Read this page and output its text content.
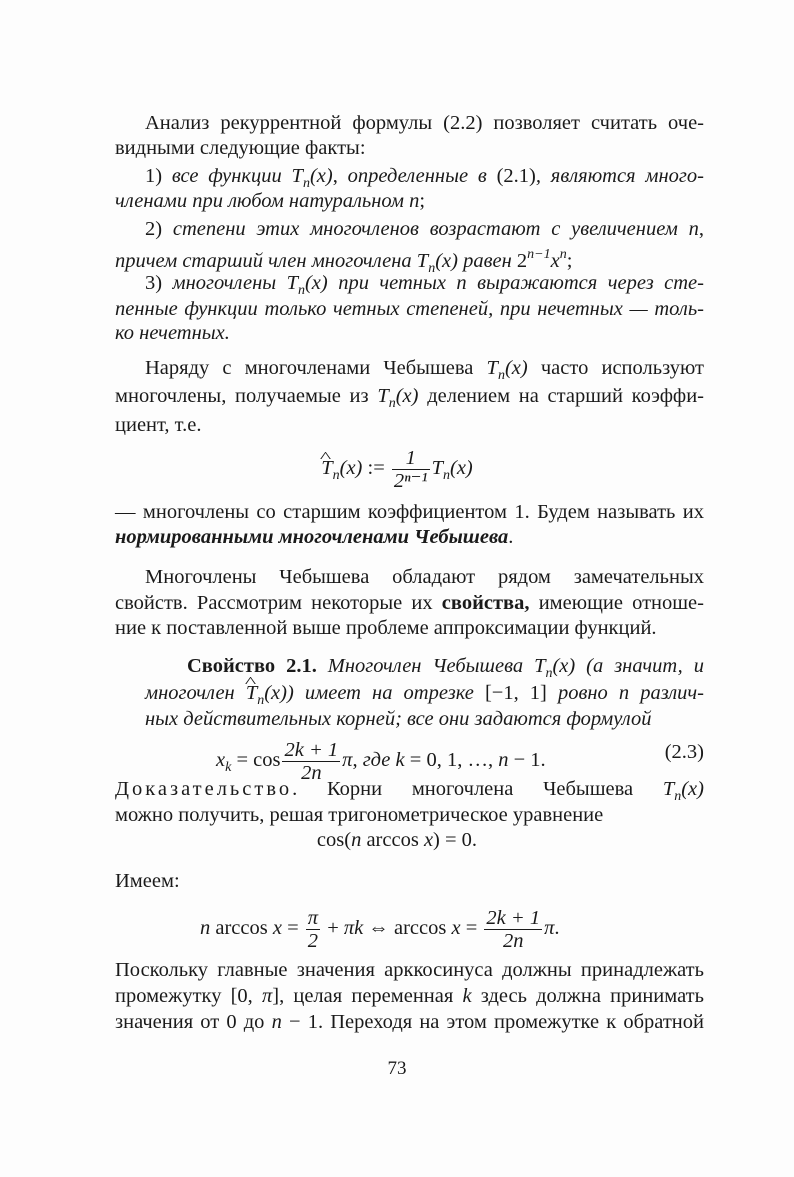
Анализ рекуррентной формулы (2.2) позволяет считать оче-
видными следующие факты:
1) все функции $T_n(x)$, определенные в (2.1), являются много-
членами при любом натуральном n;
2) степени этих многочленов возрастают с увеличением n,
причем старший член многочлена $T_n(x)$ равен $2^{n-1}x^n$;
3) многочлены $T_n(x)$ при четных n выражаются через сте-
пенные функции только четных степеней, при нечетных — толь-
ко нечетных.
Наряду с многочленами Чебышева $T_n(x)$ часто используют
многочлены, получаемые из $T_n(x)$ делением на старший коэффи-
циент, т.е.
^ $T_n(x)$ := $\frac{1}{\text{2ⁿ⁻¹}} T_n(x)$
— многочлены со старшим коэффициентом 1. Будем называть их
нормированными многочленами Чебышева.
Многочлены Чебышева обладают рядом замечательных
свойств. Рассмотрим некоторые их свойства, имеющие отноше-
ние к поставленной выше проблеме аппроксимации функций.
Свойство 2.1. Многочлен Чебышева $T_n(x)$ (а значит, и
многочлен ^ $T_n(x)$) имеет на отрезке [−1, 1] ровно n различ-
ных действительных корней; все они задаются формулой
$x_k = \cos \frac{2k + 1}{2n} \pi$, где k = 0, 1, …, n − 1.	(2.3)
Доказательство. Корни многочлена Чебышева $T_n(x)$
можно получить, решая тригонометрическое уравнение
cos(n arccos x) = 0.
Имеем:
n $\arccos x = \frac{\pi}{2} + \pi k$ ⇔ $\arccos x = \frac{2k + 1}{2n} \pi$.
Поскольку главные значения арккосинуса должны принадлежать
промежутку [0, π], целая переменная k здесь должна принимать
значения от 0 до n − 1. Переходя на этом промежутке к обратной
73
